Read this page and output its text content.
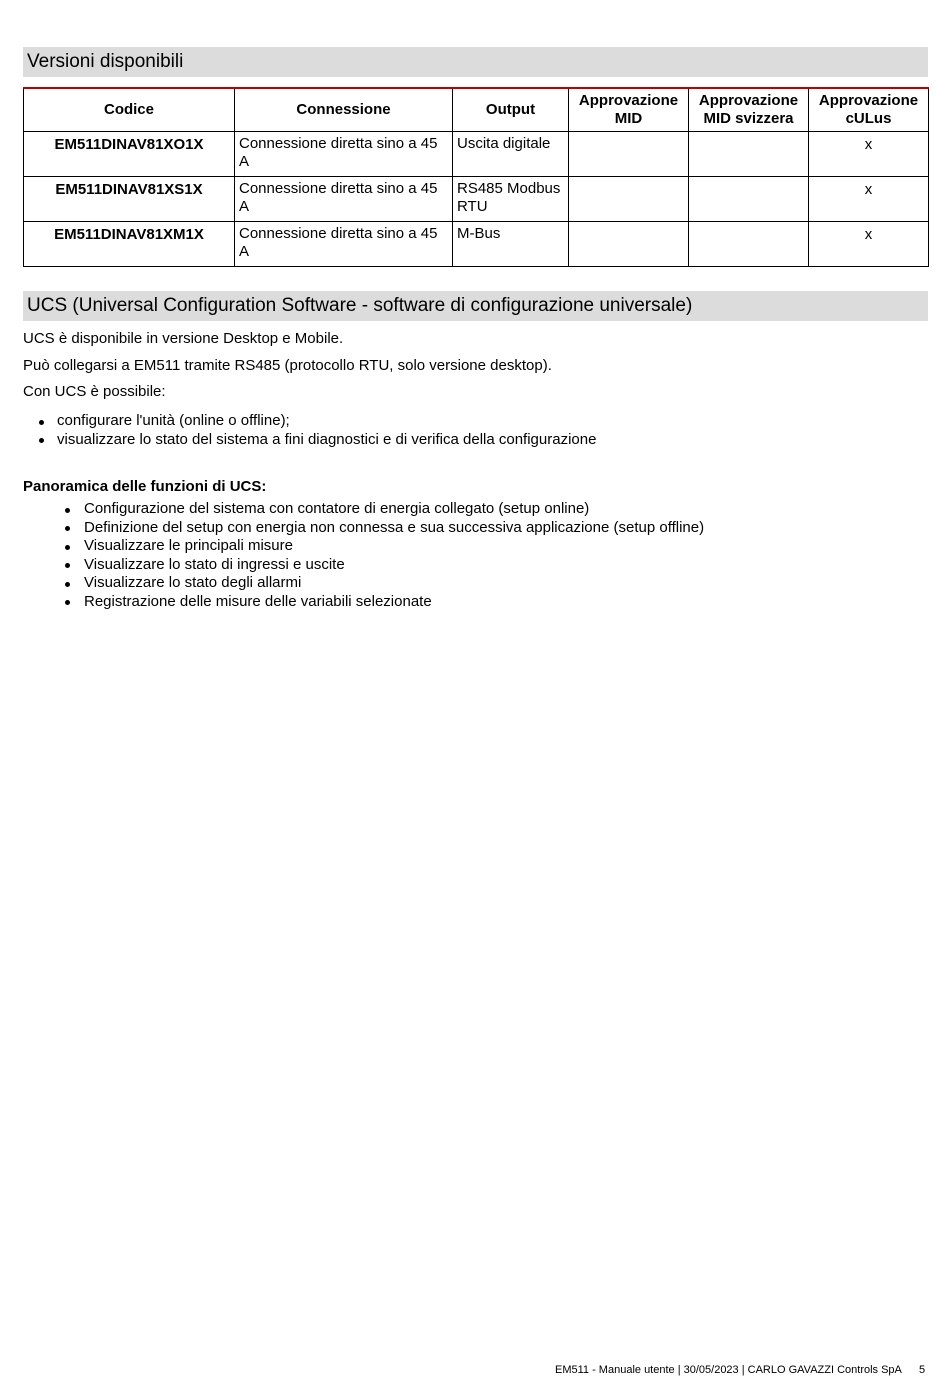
Versioni disponibili
Codice	Connessione	Output	Approvazione MID	Approvazione MID svizzera	Approvazione cULus
EM511DINAV81XO1X	Connessione diretta sino a 45 A	Uscita digitale			x
EM511DINAV81XS1X	Connessione diretta sino a 45 A	RS485 Modbus RTU			x
EM511DINAV81XM1X	Connessione diretta sino a 45 A	M-Bus			x
UCS (Universal Configuration Software - software di configurazione universale)

UCS è disponibile in versione Desktop e Mobile.

Può collegarsi a EM511 tramite RS485 (protocollo RTU, solo versione desktop).

Con UCS è possibile:

configurare l'unità (online o offline);
visualizzare lo stato del sistema a fini diagnostici e di verifica della configurazione

Panoramica delle funzioni di UCS:

Configurazione del sistema con contatore di energia collegato (setup online)
Definizione del setup con energia non connessa e sua successiva applicazione (setup offline)
Visualizzare le principali misure
Visualizzare lo stato di ingressi e uscite
Visualizzare lo stato degli allarmi
Registrazione delle misure delle variabili selezionate
EM511 - Manuale utente | 30/05/2023 | CARLO GAVAZZI Controls SpA 5
